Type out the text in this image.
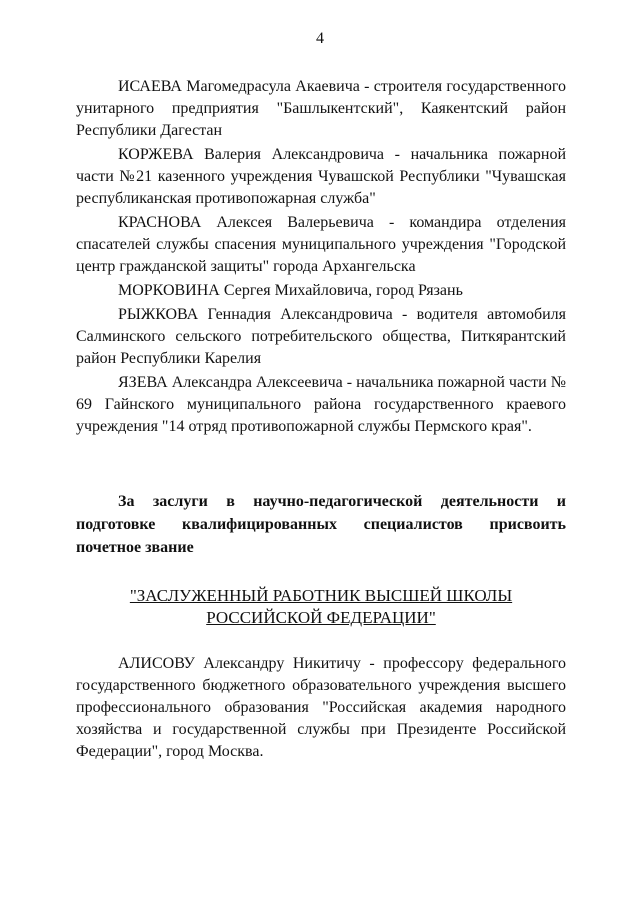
4

ИСАЕВА Магомедрасула Акаевича - строителя государственного унитарного предприятия "Башлыкентский", Каякентский район Республики Дагестан

КОРЖЕВА Валерия Александровича - начальника пожарной части №21 казенного учреждения Чувашской Республики "Чувашская республиканская противопожарная служба"

КРАСНОВА Алексея Валерьевича - командира отделения спасателей службы спасения муниципального учреждения "Городской центр гражданской защиты" города Архангельска

МОРКОВИНА Сергея Михайловича, город Рязань

РЫЖКОВА Геннадия Александровича - водителя автомобиля Салминского сельского потребительского общества, Питкярантский район Республики Карелия

ЯЗЕВА Александра Алексеевича - начальника пожарной части № 69 Гайнского муниципального района государственного краевого учреждения "14 отряд противопожарной службы Пермского края".

За заслуги в научно-педагогической деятельности и подготовке квалифицированных специалистов присвоить почетное звание

"ЗАСЛУЖЕННЫЙ РАБОТНИК ВЫСШЕЙ ШКОЛЫ
РОССИЙСКОЙ ФЕДЕРАЦИИ"

АЛИСОВУ Александру Никитичу - профессору федерального государственного бюджетного образовательного учреждения высшего профессионального образования "Российская академия народного хозяйства и государственной службы при Президенте Российской Федерации", город Москва.
